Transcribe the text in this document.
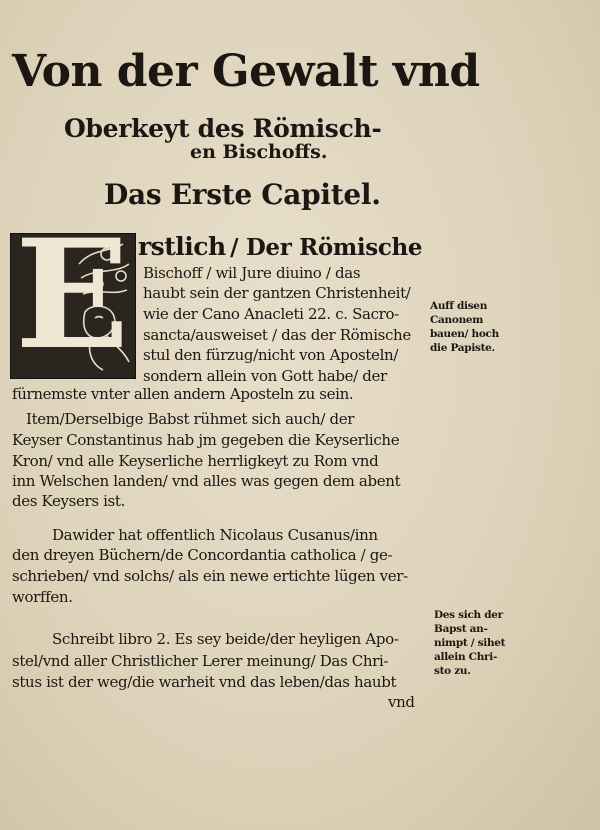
Von der Gewalt vnd
Oberkeyt des Römisch-
en Bischoffs.
Das Erste Capitel.
E rstlich / Der Römische
Bischoff / wil Jure diuino / das
haubt sein der gantzen Christenheit/
wie der Cano Anacleti 22. c. Sacro-
sancta/ausweiset / das der Römische
stul den fürzug/nicht von Aposteln/
sondern allein von Gott habe/ der
fürnemste vnter allen andern Aposteln zu sein.
Item/Derselbige Babst rühmet sich auch/ der
Keyser Constantinus hab jm gegeben die Keyserliche
Kron/ vnd alle Keyserliche herrligkeyt zu Rom vnd
inn Welschen landen/ vnd alles was gegen dem abent
des Keysers ist.
Dawider hat offentlich Nicolaus Cusanus/inn
den dreyen Büchern/de Concordantia catholica / ge-
schrieben/ vnd solchs/ als ein newe ertichte lügen ver-
worffen.
Schreibt libro 2. Es sey beide/der heyligen Apo-
stel/vnd aller Christlicher Lerer meinung/ Das Chri-
stus ist der weg/die warheit vnd das leben/das haubt
vnd
Auff disen
Canonem
bauen/ hoch
die Papiste.
Des sich der
Bapst an-
nimpt / sihet
allein Chri-
sto zu.
